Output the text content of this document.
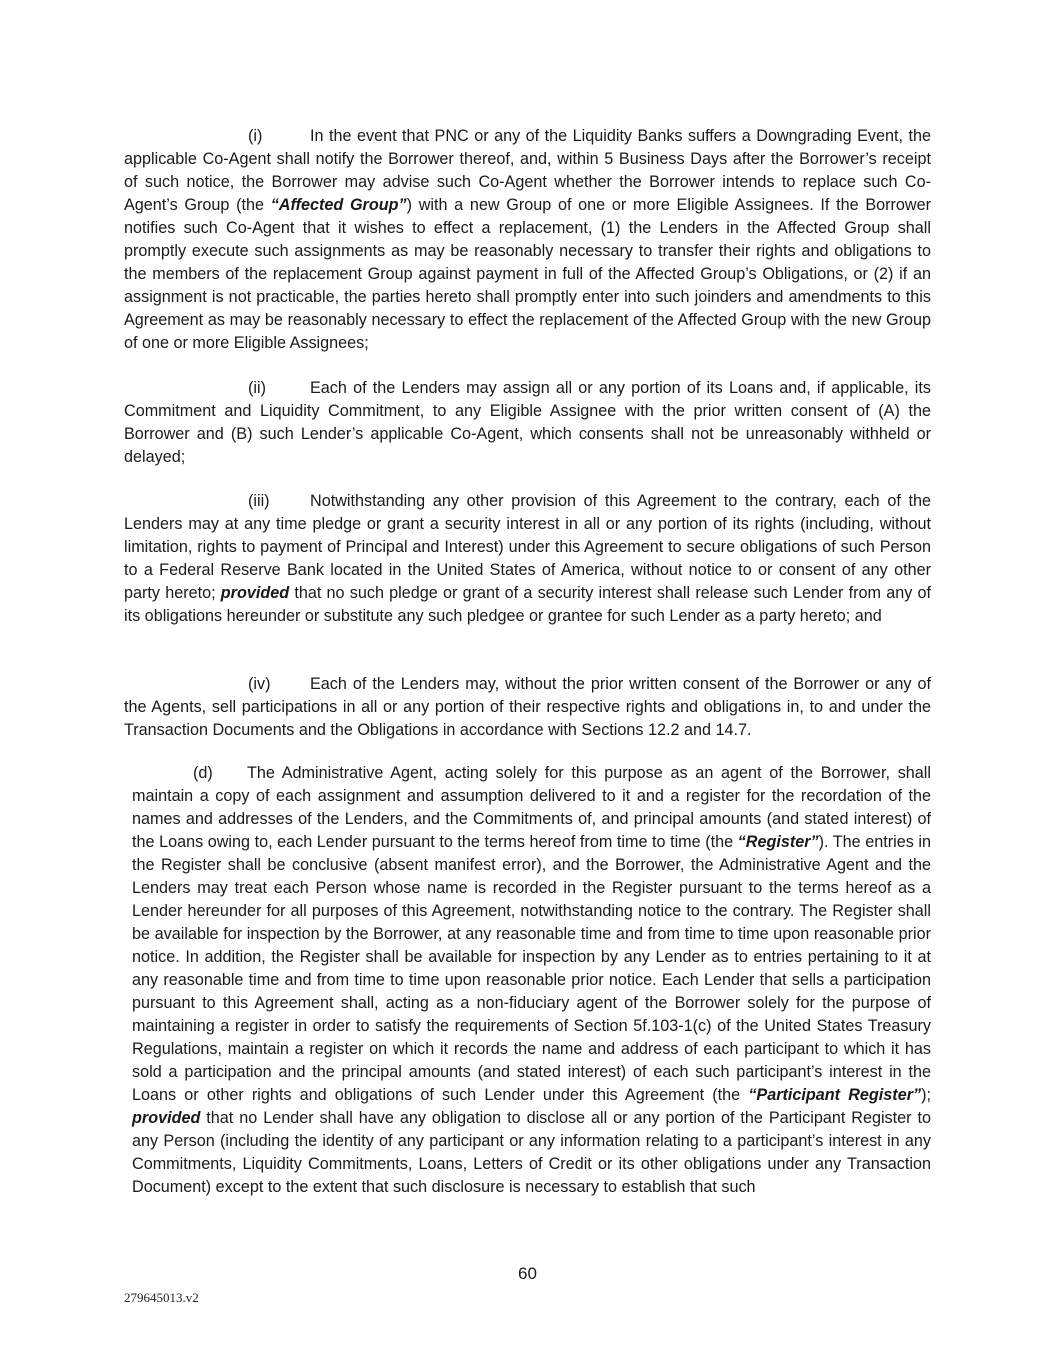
(i)	In the event that PNC or any of the Liquidity Banks suffers a Downgrading Event, the applicable Co-Agent shall notify the Borrower thereof, and, within 5 Business Days after the Borrower’s receipt of such notice, the Borrower may advise such Co-Agent whether the Borrower intends to replace such Co-Agent’s Group (the “Affected Group”) with a new Group of one or more Eligible Assignees. If the Borrower notifies such Co-Agent that it wishes to effect a replacement, (1) the Lenders in the Affected Group shall promptly execute such assignments as may be reasonably necessary to transfer their rights and obligations to the members of the replacement Group against payment in full of the Affected Group’s Obligations, or (2) if an assignment is not practicable, the parties hereto shall promptly enter into such joinders and amendments to this Agreement as may be reasonably necessary to effect the replacement of the Affected Group with the new Group of one or more Eligible Assignees;

(ii)	Each of the Lenders may assign all or any portion of its Loans and, if applicable, its Commitment and Liquidity Commitment, to any Eligible Assignee with the prior written consent of (A) the Borrower and (B) such Lender’s applicable Co-Agent, which consents shall not be unreasonably withheld or delayed;

(iii) Notwithstanding any other provision of this Agreement to the contrary, each of the Lenders may at any time pledge or grant a security interest in all or any portion of its rights (including, without limitation, rights to payment of Principal and Interest) under this Agreement to secure obligations of such Person to a Federal Reserve Bank located in the United States of America, without notice to or consent of any other party hereto; provided that no such pledge or grant of a security interest shall release such Lender from any of its obligations hereunder or substitute any such pledgee or grantee for such Lender as a party hereto; and

(iv) Each of the Lenders may, without the prior written consent of the Borrower or any of the Agents, sell participations in all or any portion of their respective rights and obligations in, to and under the Transaction Documents and the Obligations in accordance with Sections 12.2 and 14.7.

(d) The Administrative Agent, acting solely for this purpose as an agent of the Borrower, shall maintain a copy of each assignment and assumption delivered to it and a register for the recordation of the names and addresses of the Lenders, and the Commitments of, and principal amounts (and stated interest) of the Loans owing to, each Lender pursuant to the terms hereof from time to time (the “Register”). The entries in the Register shall be conclusive (absent manifest error), and the Borrower, the Administrative Agent and the Lenders may treat each Person whose name is recorded in the Register pursuant to the terms hereof as a Lender hereunder for all purposes of this Agreement, notwithstanding notice to the contrary. The Register shall be available for inspection by the Borrower, at any reasonable time and from time to time upon reasonable prior notice. In addition, the Register shall be available for inspection by any Lender as to entries pertaining to it at any reasonable time and from time to time upon reasonable prior notice. Each Lender that sells a participation pursuant to this Agreement shall, acting as a non-fiduciary agent of the Borrower solely for the purpose of maintaining a register in order to satisfy the requirements of Section 5f.103-1(c) of the United States Treasury Regulations, maintain a register on which it records the name and address of each participant to which it has sold a participation and the principal amounts (and stated interest) of each such participant’s interest in the Loans or other rights and obligations of such Lender under this Agreement (the “Participant Register”); provided that no Lender shall have any obligation to disclose all or any portion of the Participant Register to any Person (including the identity of any participant or any information relating to a participant’s interest in any Commitments, Liquidity Commitments, Loans, Letters of Credit or its other obligations under any Transaction Document) except to the extent that such disclosure is necessary to establish that such

60
279645013.v2
